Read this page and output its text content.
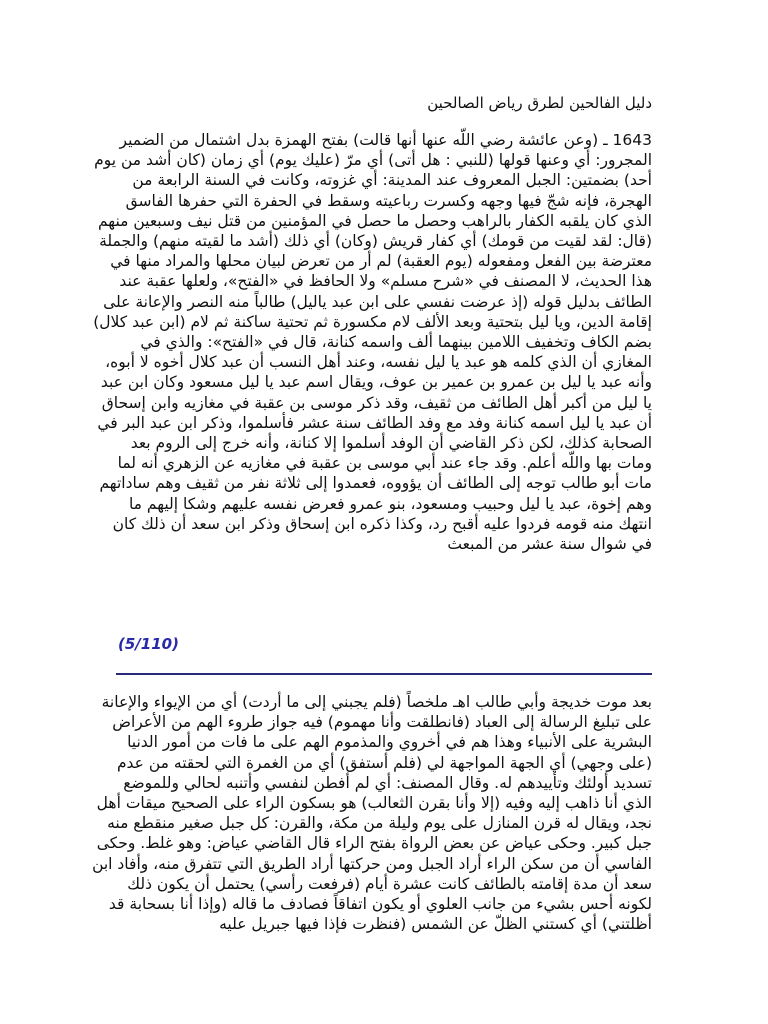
دليل الفالحين لطرق رياض الصالحين

1643 ـ (وعن عائشة رضي اللّه عنها أنها قالت) بفتح الهمزة بدل اشتمال من الضمير المجرور: أي وعنها قولها (للنبي : هل أتى) أي مرّ (عليك يوم) أي زمان (كان أشد من يوم أحد) بضمتين: الجبل المعروف عند المدينة: أي غزوته، وكانت في السنة الرابعة من الهجرة، فإنه شجّ فيها وجهه وكسرت رباعيته وسقط في الحفرة التي حفرها الفاسق الذي كان يلقبه الكفار بالراهب وحصل ما حصل في المؤمنين من قتل نيف وسبعين منهم (قال: لقد لقيت من قومك) أي كفار قريش (وكان) أي ذلك (أشد ما لقيته منهم) والجملة معترضة بين الفعل ومفعوله (يوم العقبة) لم أر من تعرض لبيان محلها والمراد منها في هذا الحديث، لا المصنف في «شرح مسلم» ولا الحافظ في «الفتح»، ولعلها عقبة عند الطائف بدليل قوله (إذ عرضت نفسي على ابن عبد ياليل) طالباً منه النصر والإعانة على إقامة الدين، ويا ليل بتحتية وبعد الألف لام مكسورة ثم تحتية ساكنة ثم لام (ابن عبد كلال) بضم الكاف وتخفيف اللامين بينهما ألف واسمه كنانة، قال في «الفتح»: والذي في المغازي أن الذي كلمه هو عبد يا ليل نفسه، وعند أهل النسب أن عبد كلال أخوه لا أبوه، وأنه عبد يا ليل بن عمرو بن عمير بن عوف، ويقال اسم عبد يا ليل مسعود وكان ابن عبد يا ليل من أكبر أهل الطائف من ثقيف، وقد ذكر موسى بن عقبة في مغازيه وابن إسحاق أن عبد يا ليل اسمه كنانة وفد مع وفد الطائف سنة عشر فأسلموا، وذكر ابن عبد البر في الصحابة كذلك، لكن ذكر القاضي أن الوفد أسلموا إلا كنانة، وأنه خرج إلى الروم بعد ومات بها واللّه أعلم. وقد جاء عند أبي موسى بن عقبة في مغازيه عن الزهري أنه لما مات أبو طالب توجه إلى الطائف أن يؤووه، فعمدوا إلى ثلاثة نفر من ثقيف وهم ساداتهم وهم إخوة، عبد يا ليل وحبيب ومسعود، بنو عمرو فعرض نفسه عليهم وشكا إليهم ما انتهك منه قومه فردوا عليه أقبح رد، وكذا ذكره ابن إسحاق وذكر ابن سعد أن ذلك كان في شوال سنة عشر من المبعث

(5/110)

بعد موت خديجة وأبي طالب اهـ ملخصاً (فلم يجبني إلى ما أردت) أي من الإيواء والإعانة على تبليغ الرسالة إلى العباد (فانطلقت وأنا مهموم) فيه جواز طروء الهم من الأعراض البشرية على الأنبياء وهذا هم في أخروي والمذموم الهم على ما فات من أمور الدنيا (على وجهي) أي الجهة المواجهة لي (فلم أستفق) أي من الغمرة التي لحقته من عدم تسديد أولئك وتأييدهم له. وقال المصنف: أي لم أفطن لنفسي وأتنبه لحالي وللموضع الذي أنا ذاهب إليه وفيه (إلا وأنا بقرن الثعالب) هو بسكون الراء على الصحيح ميقات أهل نجد، ويقال له قرن المنازل على يوم وليلة من مكة، والقرن: كل جبل صغير منقطع منه جبل كبير. وحكى عياض عن بعض الرواة بفتح الراء قال القاضي عياض: وهو غلط. وحكى الفاسي أن من سكن الراء أراد الجبل ومن حركتها أراد الطريق التي تتفرق منه، وأفاد ابن سعد أن مدة إقامته بالطائف كانت عشرة أيام (فرفعت رأسي) يحتمل أن يكون ذلك لكونه أحس بشيء من جانب العلوي أو يكون اتفاقاً فصادف ما قاله (وإذا أنا بسحابة قد أظلتني) أي كستني الظلّ عن الشمس (فنظرت فإذا فيها جبريل عليه
